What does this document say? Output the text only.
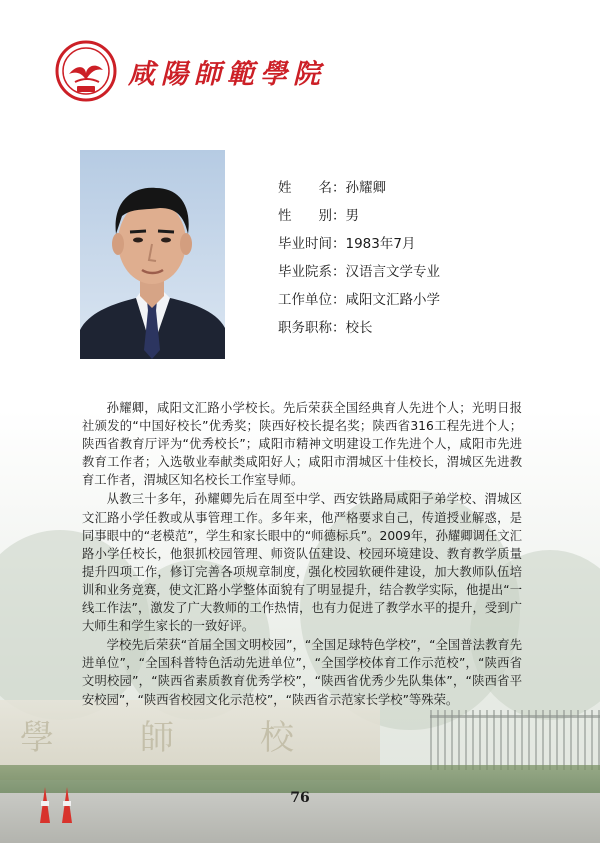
學	師	校
咸陽師範學院
姓　　名：孙耀卿
性　　别：男
毕业时间：1983年7月
毕业院系：汉语言文学专业
工作单位：咸阳文汇路小学
职务职称：校长

孙耀卿，咸阳文汇路小学校长。先后荣获全国经典育人先进个人；光明日报社颁发的“中国好校长”优秀奖；陕西好校长提名奖；陕西省316工程先进个人；陕西省教育厅评为“优秀校长”；咸阳市精神文明建设工作先进个人，咸阳市先进教育工作者；入选敬业奉献类咸阳好人；咸阳市渭城区十佳校长，渭城区先进教育工作者，渭城区知名校长工作室导师。

从教三十多年，孙耀卿先后在周至中学、西安铁路局咸阳子弟学校、渭城区文汇路小学任教或从事管理工作。多年来，他严格要求自己，传道授业解惑，是同事眼中的“老模范”，学生和家长眼中的“师德标兵”。2009年，孙耀卿调任文汇路小学任校长，他狠抓校园管理、师资队伍建设、校园环境建设、教育教学质量提升四项工作，修订完善各项规章制度，强化校园软硬件建设，加大教师队伍培训和业务竞赛，使文汇路小学整体面貌有了明显提升，结合教学实际，他提出“一线工作法”，激发了广大教师的工作热情，也有力促进了教学水平的提升，受到广大师生和学生家长的一致好评。

学校先后荣获“首届全国文明校园”，“全国足球特色学校”，“全国普法教育先进单位”，“全国科普特色活动先进单位”，“全国学校体育工作示范校”，“陕西省文明校园”，“陕西省素质教育优秀学校”，“陕西省优秀少先队集体”，“陕西省平安校园”，“陕西省校园文化示范校”，“陕西省示范家长学校”等殊荣。

76
